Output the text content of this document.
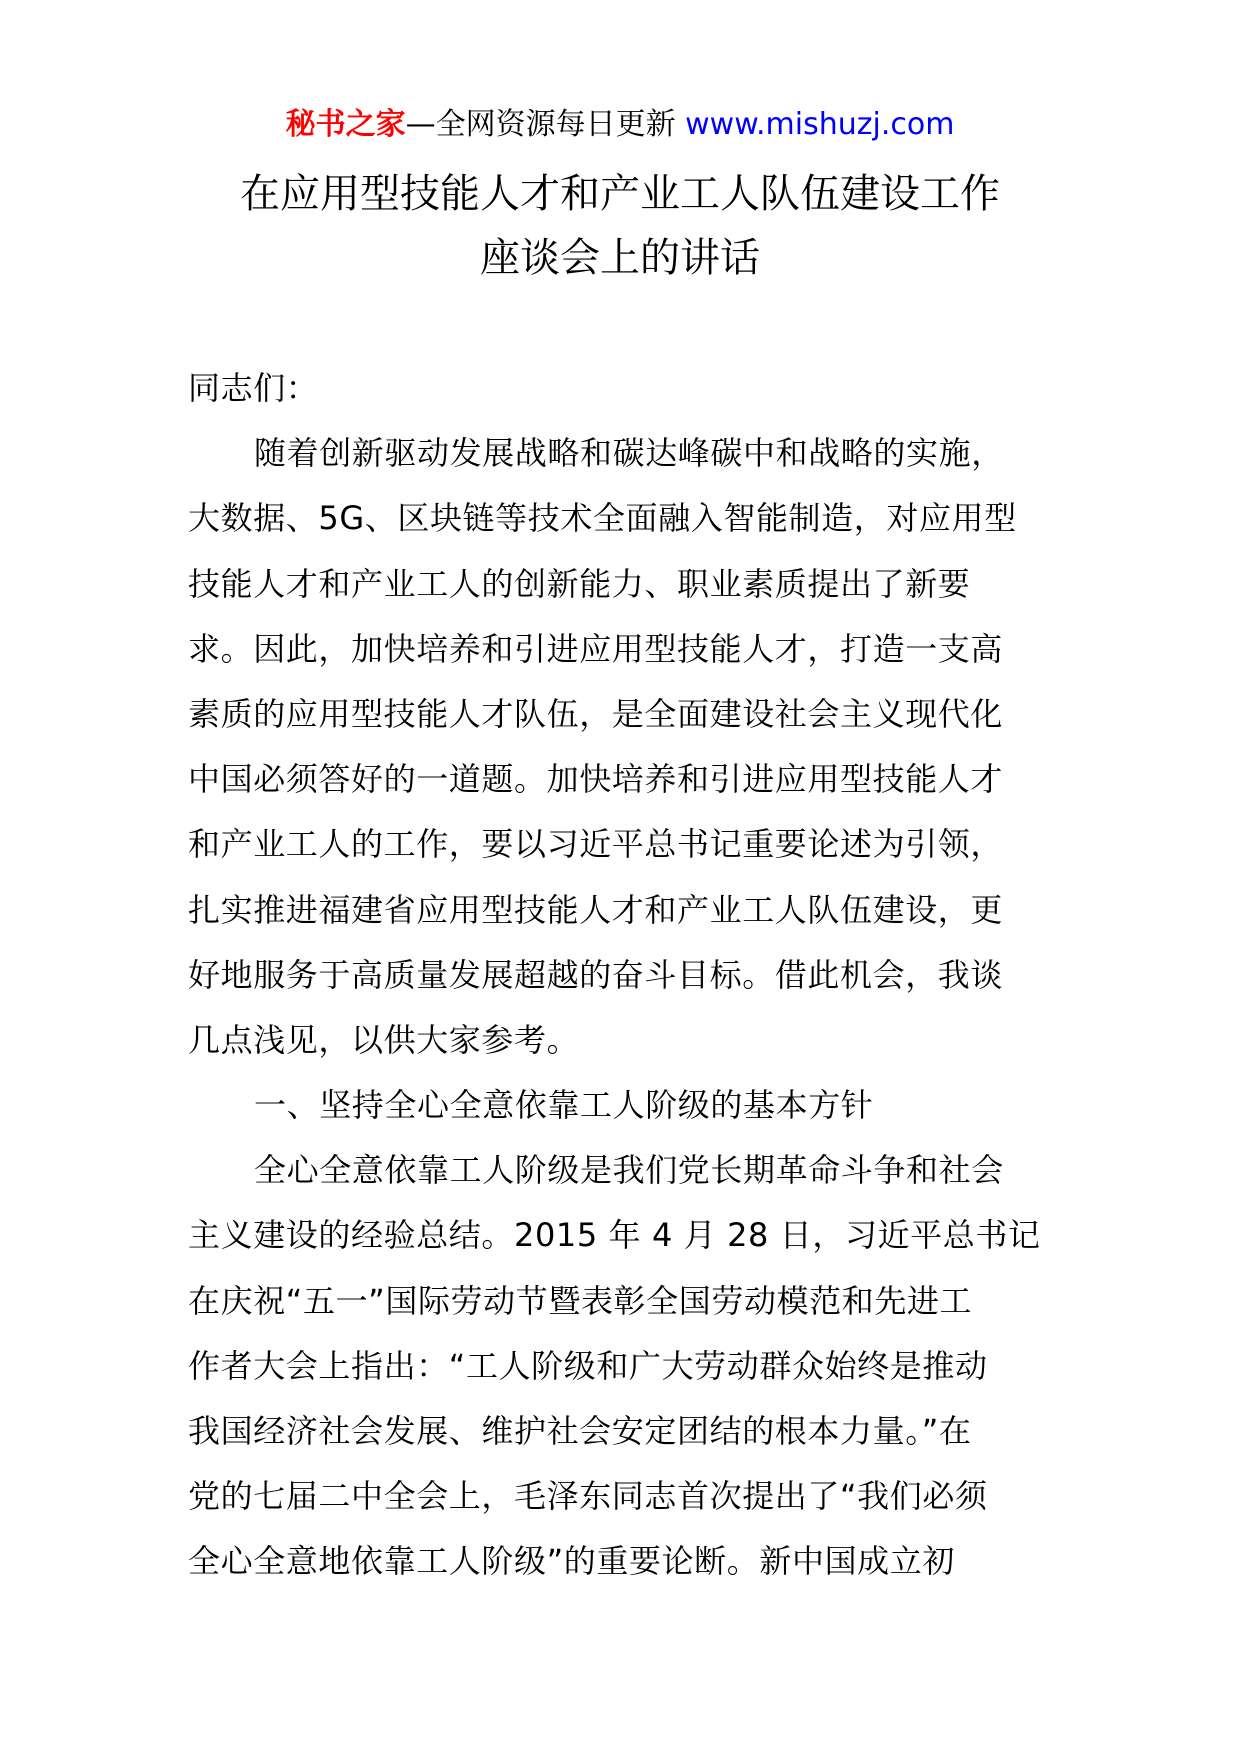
秘书之家—全网资源每日更新 www.mishuzj.com
在应用型技能人才和产业工人队伍建设工作
座谈会上的讲话
同志们：
随着创新驱动发展战略和碳达峰碳中和战略的实施，
大数据、5G、区块链等技术全面融入智能制造，对应用型
技能人才和产业工人的创新能力、职业素质提出了新要
求。因此，加快培养和引进应用型技能人才，打造一支高
素质的应用型技能人才队伍，是全面建设社会主义现代化
中国必须答好的一道题。加快培养和引进应用型技能人才
和产业工人的工作，要以习近平总书记重要论述为引领，
扎实推进福建省应用型技能人才和产业工人队伍建设，更
好地服务于高质量发展超越的奋斗目标。借此机会，我谈
几点浅见，以供大家参考。
一、坚持全心全意依靠工人阶级的基本方针
全心全意依靠工人阶级是我们党长期革命斗争和社会
主义建设的经验总结。2015 年 4 月 28 日，习近平总书记
在庆祝“五一”国际劳动节暨表彰全国劳动模范和先进工
作者大会上指出：“工人阶级和广大劳动群众始终是推动
我国经济社会发展、维护社会安定团结的根本力量。”在
党的七届二中全会上，毛泽东同志首次提出了“我们必须
全心全意地依靠工人阶级”的重要论断。新中国成立初
